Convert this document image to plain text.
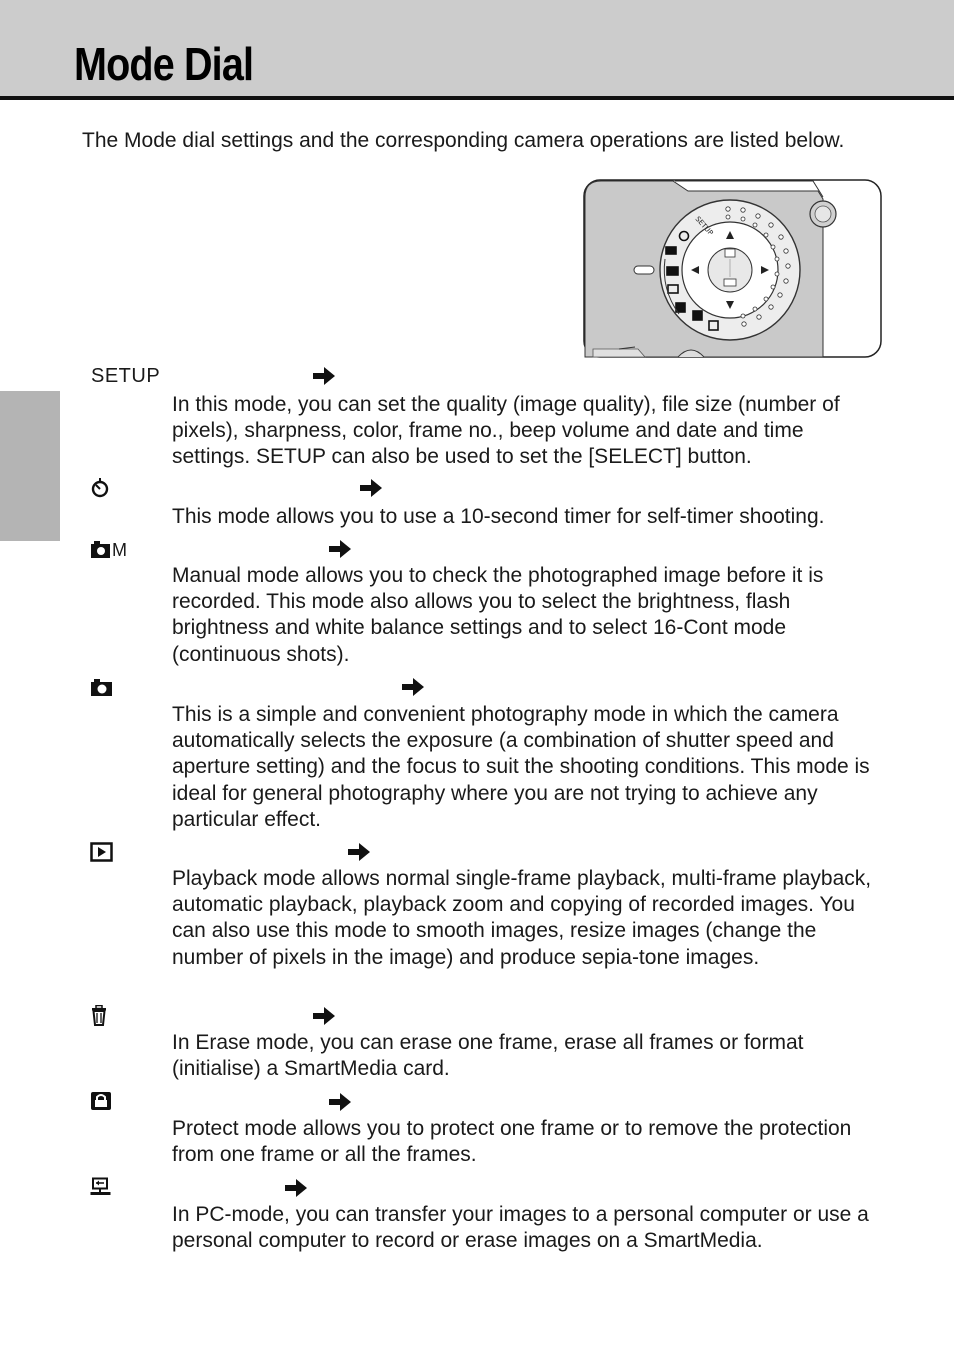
Mode Dial

The Mode dial settings and the corresponding camera operations are listed below.

SETUP
SETUP

In this mode, you can set the quality (image quality), file size (number of pixels), sharpness, color, frame no., beep volume and date and time settings. SETUP can also be used to set the [SELECT] button.

This mode allows you to use a 10-second timer for self-timer shooting.

M

Manual mode allows you to check the photographed image before it is recorded. This mode also allows you to select the brightness, flash brightness and white balance settings and to select 16-Cont mode (continuous shots).

This is a simple and convenient photography mode in which the camera automatically selects the exposure (a combination of shutter speed and aperture setting) and the focus to suit the shooting conditions. This mode is ideal for general photography where you are not trying to achieve any particular effect.

Playback mode allows normal single-frame playback, multi-frame playback, automatic playback, playback zoom and copying of recorded images. You can also use this mode to smooth images, resize images (change the number of pixels in the image) and produce sepia-tone images.

In Erase mode, you can erase one frame, erase all frames or format (initialise) a SmartMedia card.

Protect mode allows you to protect one frame or to remove the protection from one frame or all the frames.

In PC-mode, you can transfer your images to a personal computer or use a personal computer to record or erase images on a SmartMedia.
